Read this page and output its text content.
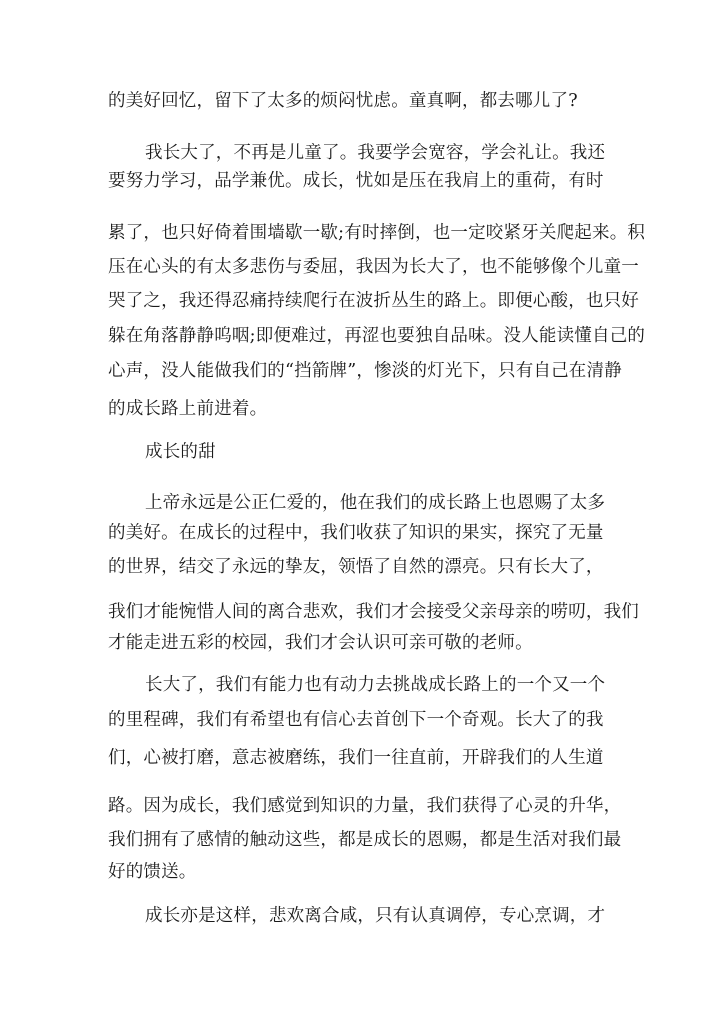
的美好回忆，留下了太多的烦闷忧虑。童真啊，都去哪儿了?
我长大了，不再是儿童了。我要学会宽容，学会礼让。我还
要努力学习，品学兼优。成长，忧如是压在我肩上的重荷，有时
累了，也只好倚着围墙歇一歇;有时摔倒，也一定咬紧牙关爬起来。积
压在心头的有太多悲伤与委屈，我因为长大了，也不能够像个儿童一
哭了之，我还得忍痛持续爬行在波折丛生的路上。即便心酸，也只好
躲在角落静静呜咽;即便难过，再涩也要独自品味。没人能读懂自己的
心声，没人能做我们的“挡箭牌”，惨淡的灯光下，只有自己在清静
的成长路上前进着。
成长的甜
上帝永远是公正仁爱的，他在我们的成长路上也恩赐了太多
的美好。在成长的过程中，我们收获了知识的果实，探究了无量
的世界，结交了永远的挚友，领悟了自然的漂亮。只有长大了，
我们才能惋惜人间的离合悲欢，我们才会接受父亲母亲的唠叨，我们
才能走进五彩的校园，我们才会认识可亲可敬的老师。
长大了，我们有能力也有动力去挑战成长路上的一个又一个
的里程碑，我们有希望也有信心去首创下一个奇观。长大了的我
们，心被打磨，意志被磨练，我们一往直前，开辟我们的人生道
路。因为成长，我们感觉到知识的力量，我们获得了心灵的升华，
我们拥有了感情的触动这些，都是成长的恩赐，都是生活对我们最
好的馈送。
成长亦是这样，悲欢离合咸，只有认真调停，专心烹调，才
